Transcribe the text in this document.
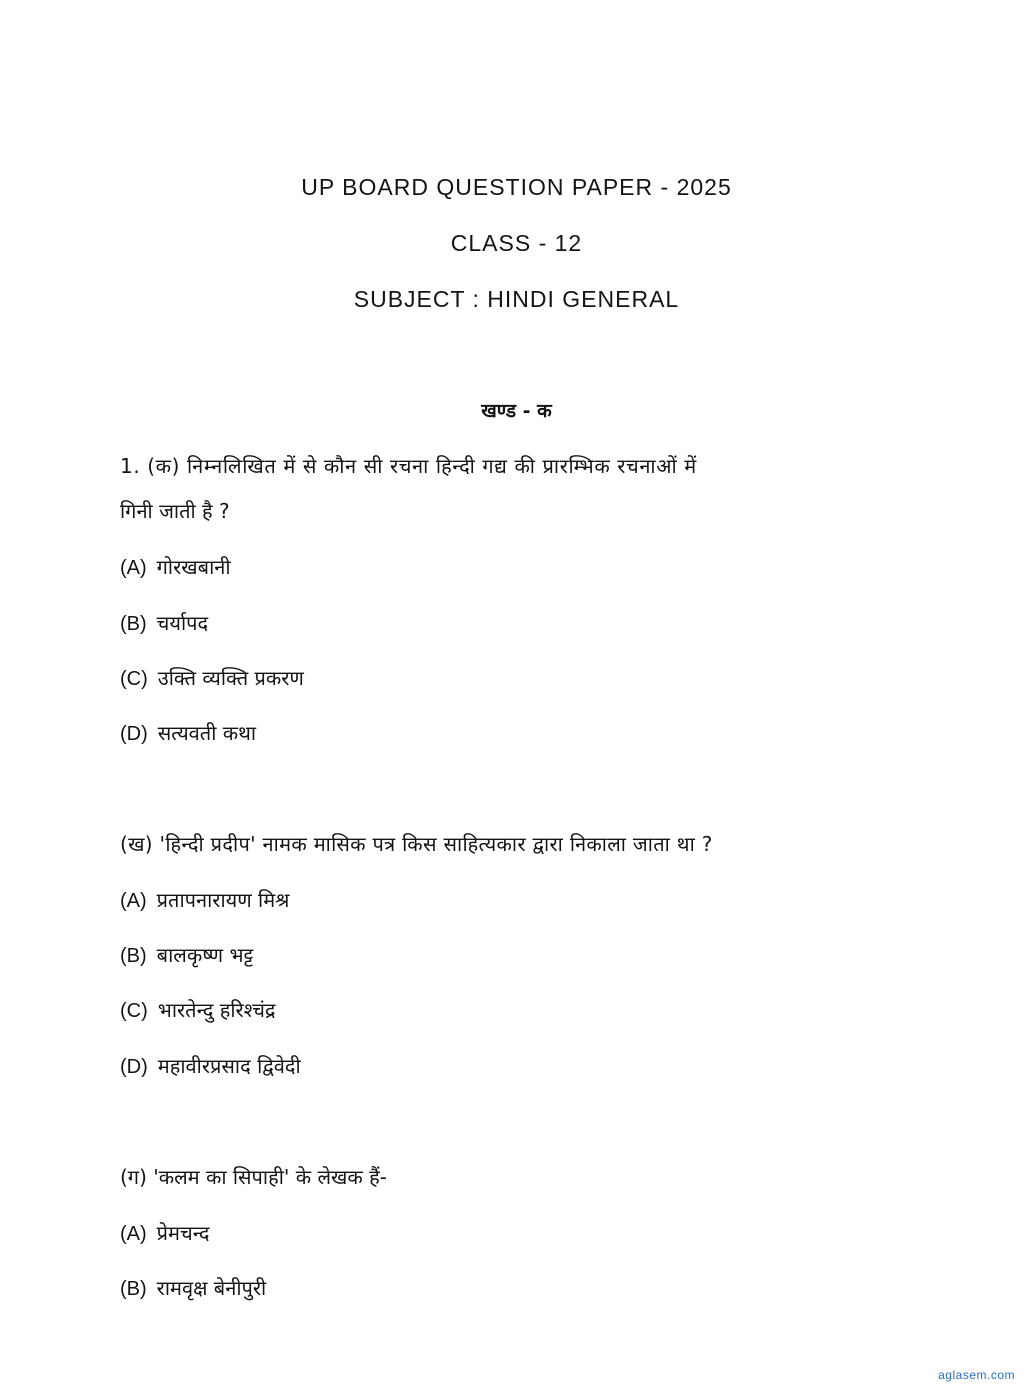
UP BOARD QUESTION PAPER - 2025
CLASS - 12
SUBJECT : HINDI GENERAL
खण्ड - क
1. (क) निम्नलिखित में से कौन सी रचना हिन्दी गद्य की प्रारम्भिक रचनाओं में
गिनी जाती है ?
(A) गोरखबानी
(B) चर्यापद
(C) उक्ति व्यक्ति प्रकरण
(D) सत्यवती कथा
(ख) 'हिन्दी प्रदीप' नामक मासिक पत्र किस साहित्यकार द्वारा निकाला जाता था ?
(A) प्रतापनारायण मिश्र
(B) बालकृष्ण भट्ट
(C) भारतेन्दु हरिश्चंद्र
(D) महावीरप्रसाद द्विवेदी
(ग) 'कलम का सिपाही' के लेखक हैं-
(A) प्रेमचन्द
(B) रामवृक्ष बेनीपुरी
aglasem.com
